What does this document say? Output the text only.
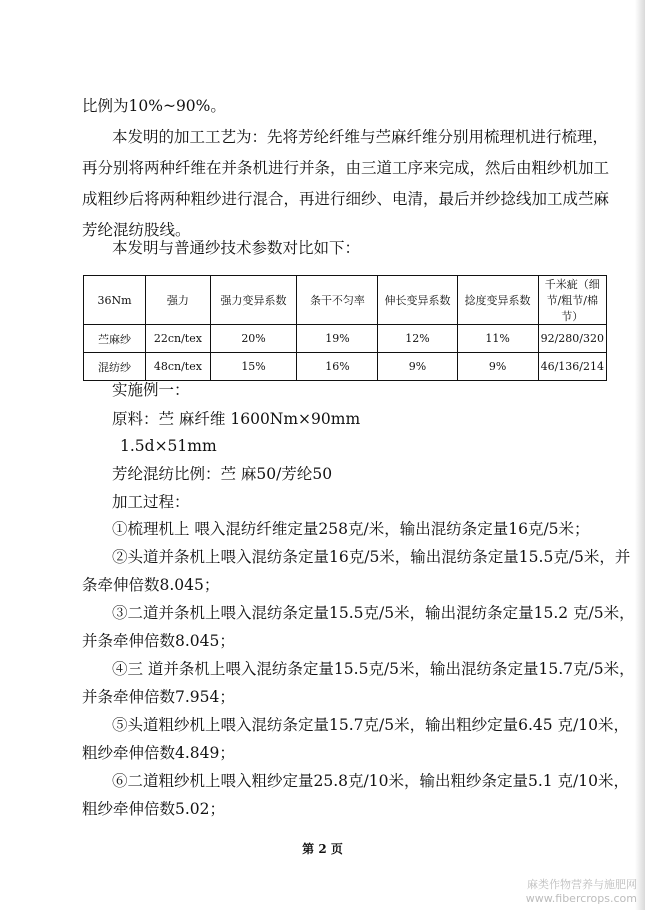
比例为10%~90%。
本发明的加工工艺为：先将芳纶纤维与苎麻纤维分别用梳理机进行梳理，
再分别将两种纤维在并条机进行并条，由三道工序来完成，然后由粗纱机加工
成粗纱后将两种粗纱进行混合，再进行细纱、电清，最后并纱捻线加工成苎麻
芳纶混纺股线。
本发明与普通纱技术参数对比如下：
36Nm	强力	强力变异系数	条干不匀率	伸长变异系数	捻度变异系数	千米疵（细节/粗节/棉节）
苎麻纱	22cn/tex	20%	19%	12%	11%	92/280/320
混纺纱	48cn/tex	15%	16%	9%	9%	46/136/214
实施例一：
原料：苎 麻纤维 1600Nm×90mm
1.5d×51mm
芳纶混纺比例：苎 麻50/芳纶50
加工过程：
①梳理机上 喂入混纺纤维定量258克/米，输出混纺条定量16克/5米；
②头道并条机上喂入混纺条定量16克/5米，输出混纺条定量15.5克/5米，并
条牵伸倍数8.045；
③二道并条机上喂入混纺条定量15.5克/5米，输出混纺条定量15.2 克/5米，
并条牵伸倍数8.045；
④三 道并条机上喂入混纺条定量15.5克/5米，输出混纺条定量15.7克/5米，
并条牵伸倍数7.954；
⑤头道粗纱机上喂入混纺条定量15.7克/5米，输出粗纱定量6.45 克/10米，
粗纱牵伸倍数4.849；
⑥二道粗纱机上喂入粗纱定量25.8克/10米，输出粗纱条定量5.1 克/10米，
粗纱牵伸倍数5.02；
第 2 页
麻类作物营养与施肥网
www.fibercrops.com
